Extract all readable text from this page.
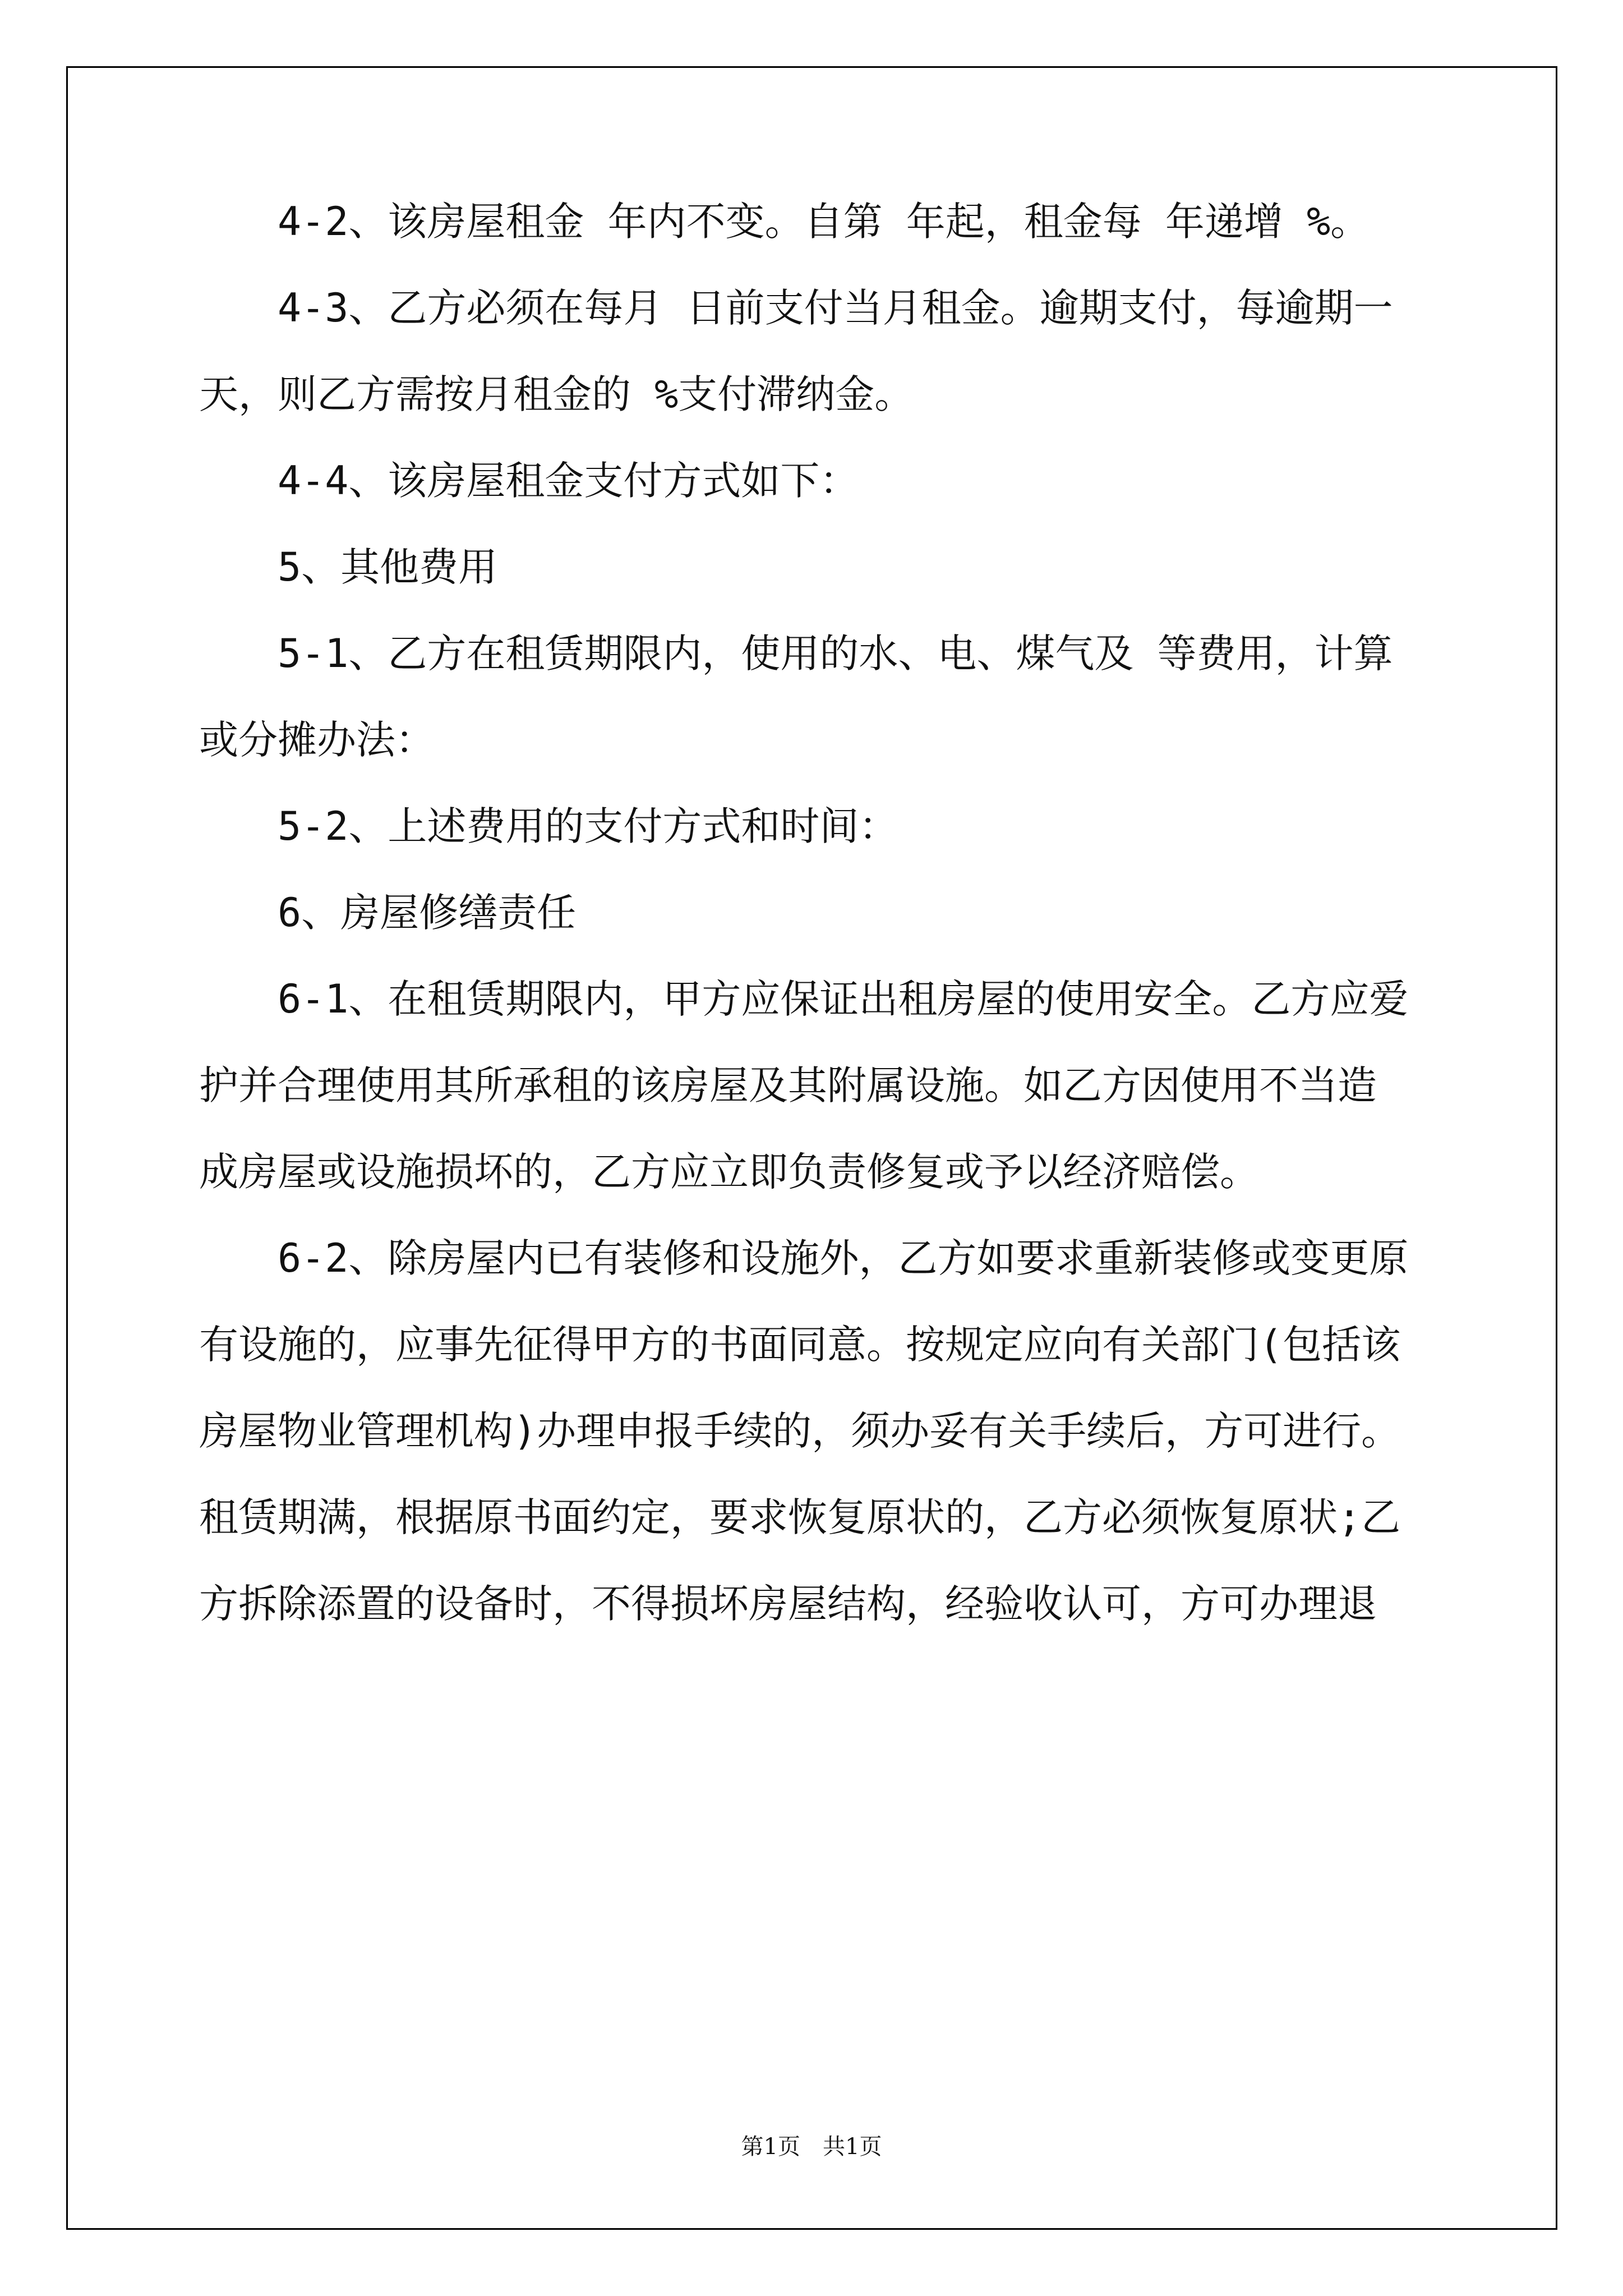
4-2、该房屋租金 年内不变。自第 年起，租金每 年递增 %。
4-3、乙方必须在每月 日前支付当月租金。逾期支付，每逾期一
天，则乙方需按月租金的 %支付滞纳金。
4-4、该房屋租金支付方式如下：
5、其他费用
5-1、乙方在租赁期限内，使用的水、电、煤气及 等费用，计算
或分摊办法：
5-2、上述费用的支付方式和时间：
6、房屋修缮责任
6-1、在租赁期限内，甲方应保证出租房屋的使用安全。乙方应爱
护并合理使用其所承租的该房屋及其附属设施。如乙方因使用不当造
成房屋或设施损坏的，乙方应立即负责修复或予以经济赔偿。
6-2、除房屋内已有装修和设施外，乙方如要求重新装修或变更原
有设施的，应事先征得甲方的书面同意。按规定应向有关部门(包括该
房屋物业管理机构)办理申报手续的，须办妥有关手续后，方可进行。
租赁期满，根据原书面约定，要求恢复原状的，乙方必须恢复原状;乙
方拆除添置的设备时，不得损坏房屋结构，经验收认可，方可办理退
第1页　共1页
